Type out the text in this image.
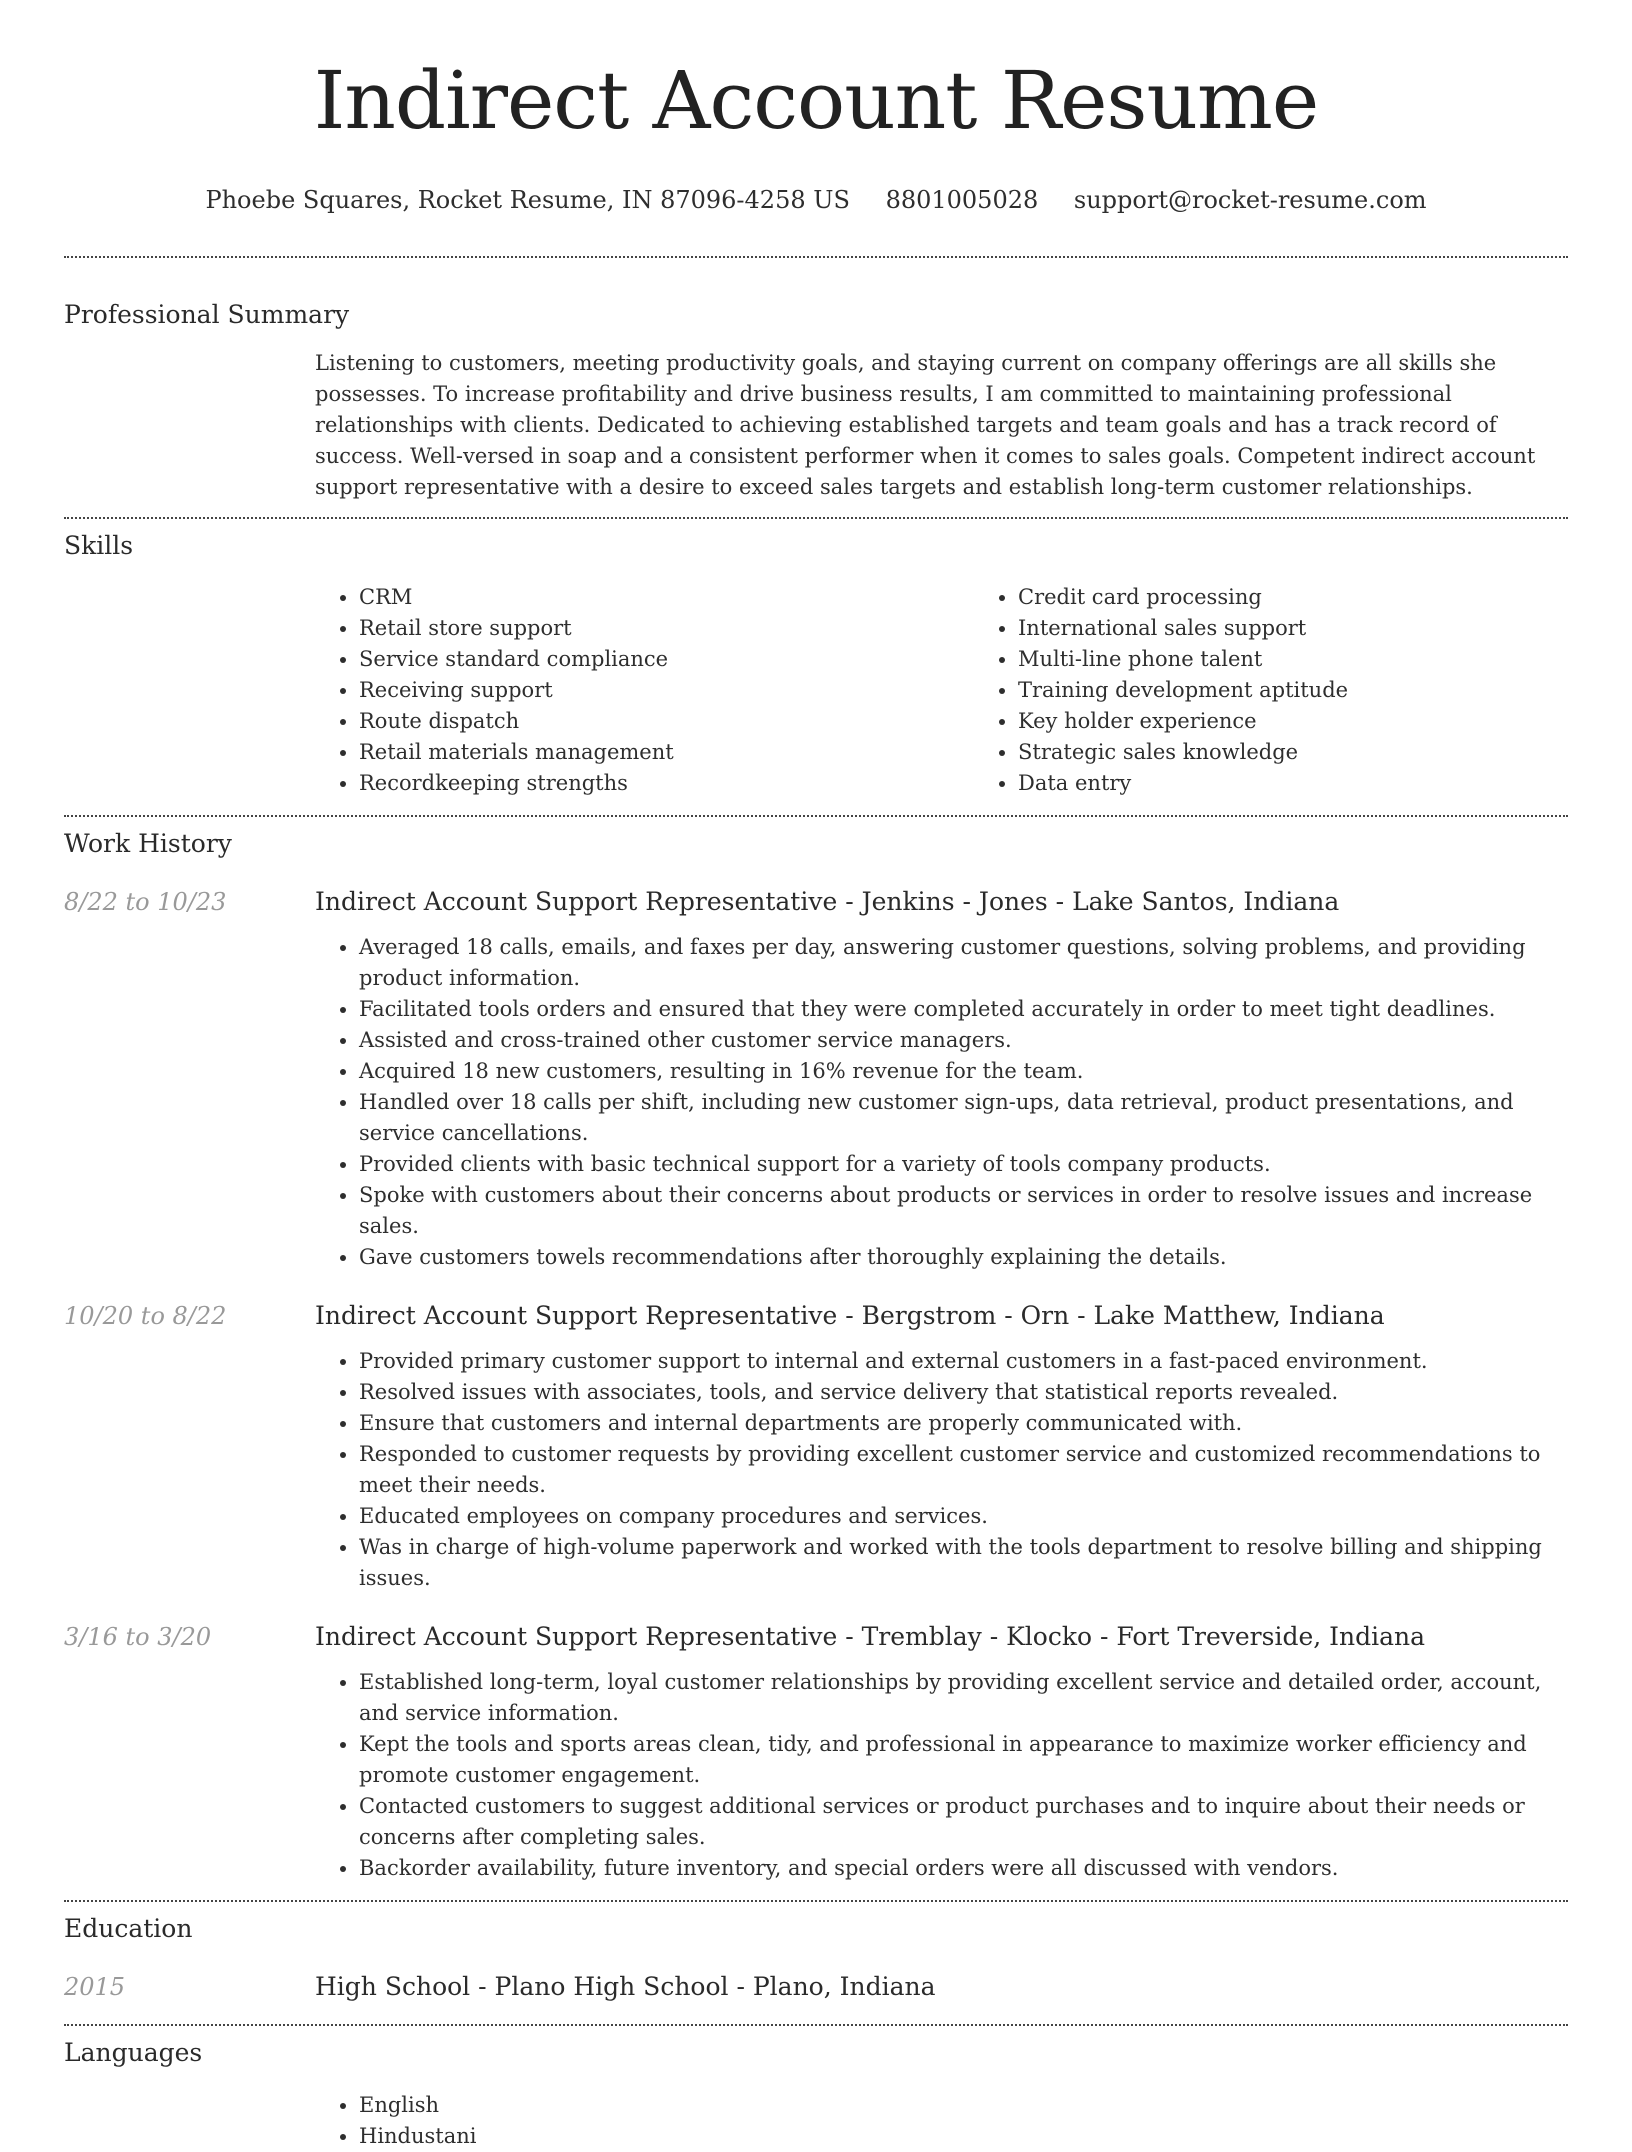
Indirect Account Resume
Phoebe Squares, Rocket Resume, IN 87096-4258 US 8801005028 support@rocket-resume.com
Professional Summary

Listening to customers, meeting productivity goals, and staying current on company offerings are all skills she possesses. To increase profitability and drive business results, I am committed to maintaining professional relationships with clients. Dedicated to achieving established targets and team goals and has a track record of success. Well-versed in soap and a consistent performer when it comes to sales goals. Competent indirect account support representative with a desire to exceed sales targets and establish long-term customer relationships.

Skills
• CRM
• Retail store support
• Service standard compliance
• Receiving support
• Route dispatch
• Retail materials management
• Recordkeeping strengths
• Credit card processing
• International sales support
• Multi-line phone talent
• Training development aptitude
• Key holder experience
• Strategic sales knowledge
• Data entry
Work History
8/22 to 10/23	Indirect Account Support Representative - Jenkins - Jones - Lake Santos, Indiana
• Averaged 18 calls, emails, and faxes per day, answering customer questions, solving problems, and providing product information.
• Facilitated tools orders and ensured that they were completed accurately in order to meet tight deadlines.
• Assisted and cross-trained other customer service managers.
• Acquired 18 new customers, resulting in 16% revenue for the team.
• Handled over 18 calls per shift, including new customer sign-ups, data retrieval, product presentations, and service cancellations.
• Provided clients with basic technical support for a variety of tools company products.
• Spoke with customers about their concerns about products or services in order to resolve issues and increase sales.
• Gave customers towels recommendations after thoroughly explaining the details.
10/20 to 8/22	Indirect Account Support Representative - Bergstrom - Orn - Lake Matthew, Indiana
• Provided primary customer support to internal and external customers in a fast-paced environment.
• Resolved issues with associates, tools, and service delivery that statistical reports revealed.
• Ensure that customers and internal departments are properly communicated with.
• Responded to customer requests by providing excellent customer service and customized recommendations to meet their needs.
• Educated employees on company procedures and services.
• Was in charge of high-volume paperwork and worked with the tools department to resolve billing and shipping issues.
3/16 to 3/20	Indirect Account Support Representative - Tremblay - Klocko - Fort Treverside, Indiana
• Established long-term, loyal customer relationships by providing excellent service and detailed order, account, and service information.
• Kept the tools and sports areas clean, tidy, and professional in appearance to maximize worker efficiency and promote customer engagement.
• Contacted customers to suggest additional services or product purchases and to inquire about their needs or concerns after completing sales.
• Backorder availability, future inventory, and special orders were all discussed with vendors.
Education
2015	High School - Plano High School - Plano, Indiana
Languages
• English
• Hindustani
